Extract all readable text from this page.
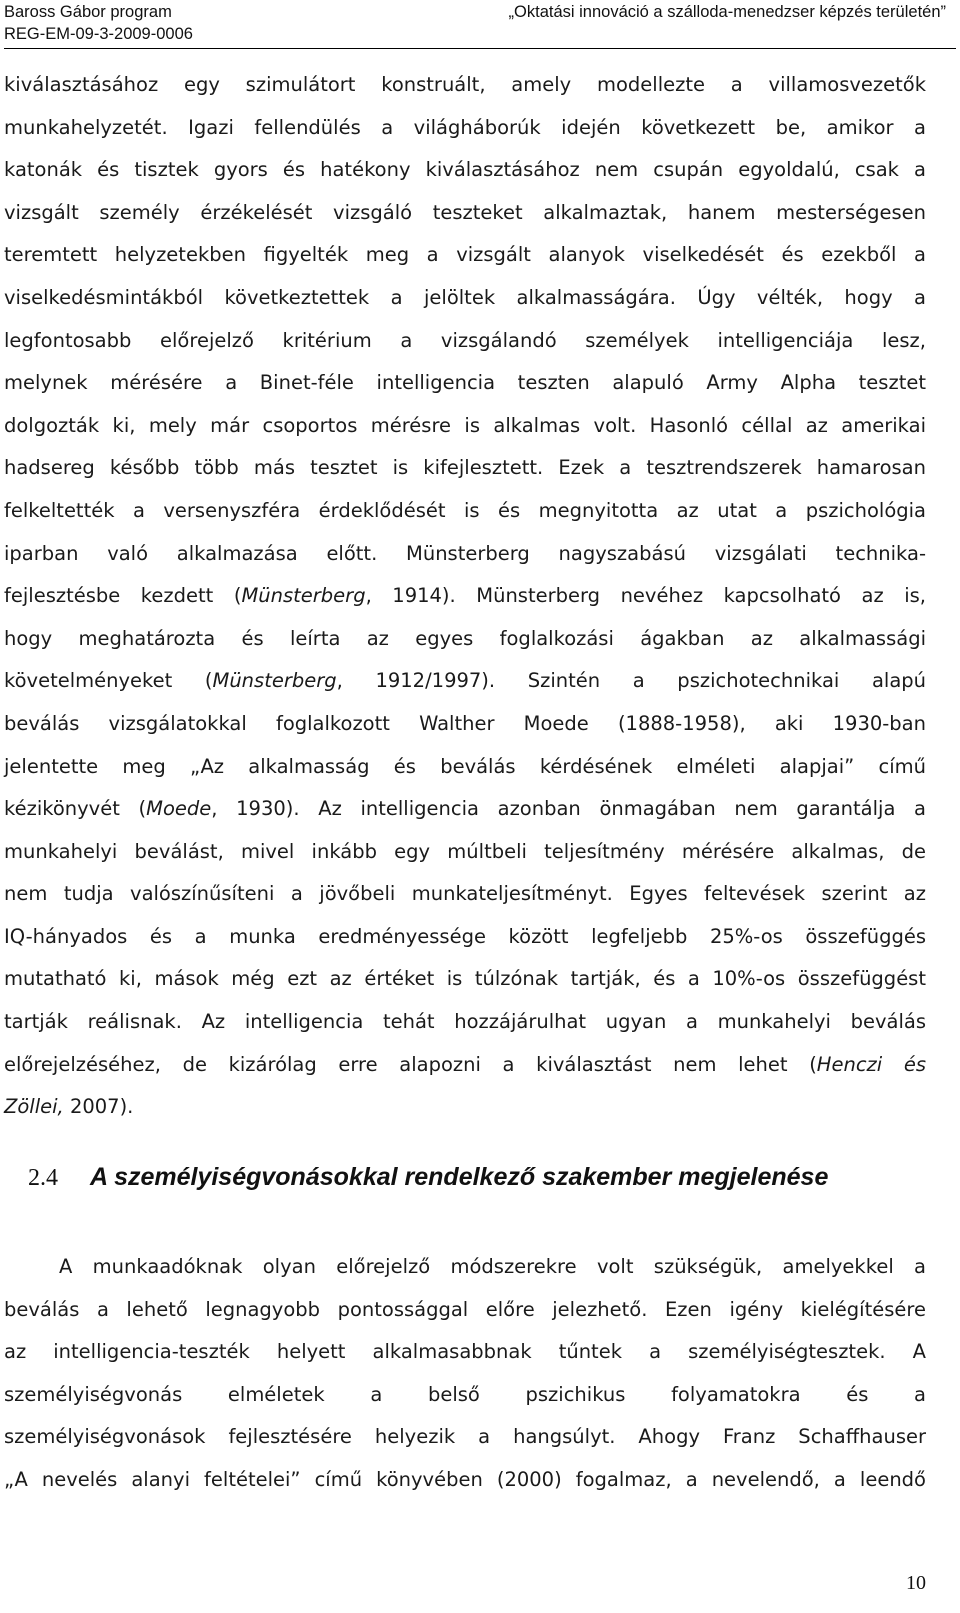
Baross Gábor program	„Oktatási innováció a szálloda-menedzser képzés területén”
REG-EM-09-3-2009-0006
kiválasztásához egy szimulátort konstruált, amely modellezte a villamosvezetők
munkahelyzetét. Igazi fellendülés a világháborúk idején következett be, amikor a
katonák és tisztek gyors és hatékony kiválasztásához nem csupán egyoldalú, csak a
vizsgált személy érzékelését vizsgáló teszteket alkalmaztak, hanem mesterségesen
teremtett helyzetekben figyelték meg a vizsgált alanyok viselkedését és ezekből a
viselkedésmintákból következtettek a jelöltek alkalmasságára. Úgy vélték, hogy a
legfontosabb előrejelző kritérium a vizsgálandó személyek intelligenciája lesz,
melynek mérésére a Binet-féle intelligencia teszten alapuló Army Alpha tesztet
dolgozták ki, mely már csoportos mérésre is alkalmas volt. Hasonló céllal az amerikai
hadsereg később több más tesztet is kifejlesztett. Ezek a tesztrendszerek hamarosan
felkeltették a versenyszféra érdeklődését is és megnyitotta az utat a pszichológia
iparban való alkalmazása előtt. Münsterberg nagyszabású vizsgálati technika-
fejlesztésbe kezdett (Münsterberg, 1914). Münsterberg nevéhez kapcsolható az is,
hogy meghatározta és leírta az egyes foglalkozási ágakban az alkalmassági
követelményeket (Münsterberg, 1912/1997). Szintén a pszichotechnikai alapú
beválás vizsgálatokkal foglalkozott Walther Moede (1888-1958), aki 1930-ban
jelentette meg „Az alkalmasság és beválás kérdésének elméleti alapjai” című
kézikönyvét (Moede, 1930). Az intelligencia azonban önmagában nem garantálja a
munkahelyi beválást, mivel inkább egy múltbeli teljesítmény mérésére alkalmas, de
nem tudja valószínűsíteni a jövőbeli munkateljesítményt. Egyes feltevések szerint az
IQ-hányados és a munka eredményessége között legfeljebb 25%-os összefüggés
mutatható ki, mások még ezt az értéket is túlzónak tartják, és a 10%-os összefüggést
tartják reálisnak. Az intelligencia tehát hozzájárulhat ugyan a munkahelyi beválás
előrejelzéséhez, de kizárólag erre alapozni a kiválasztást nem lehet (Henczi és
Zöllei, 2007).
2.4 A személyiségvonásokkal rendelkező szakember megjelenése
A munkaadóknak olyan előrejelző módszerekre volt szükségük, amelyekkel a
beválás a lehető legnagyobb pontossággal előre jelezhető. Ezen igény kielégítésére
az intelligencia-teszték helyett alkalmasabbnak tűntek a személyiségtesztek. A
személyiségvonás elméletek a belső pszichikus folyamatokra és a
személyiségvonások fejlesztésére helyezik a hangsúlyt. Ahogy Franz Schaffhauser
„A nevelés alanyi feltételei” című könyvében (2000) fogalmaz, a nevelendő, a leendő
10
